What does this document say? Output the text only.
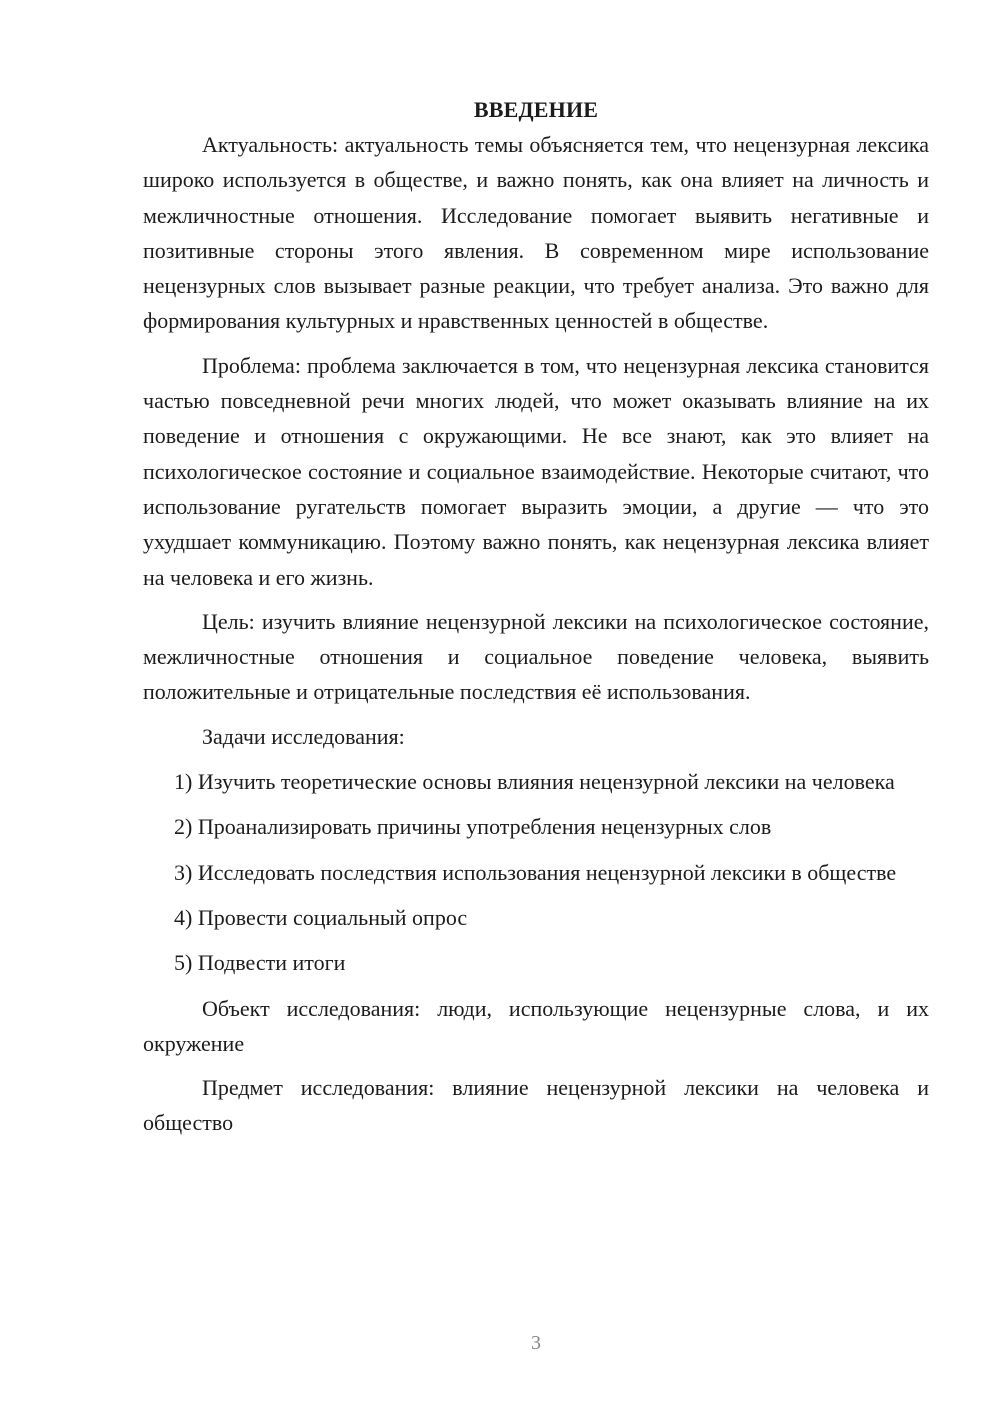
ВВЕДЕНИЕ

Актуальность: актуальность темы объясняется тем, что нецензурная лексика широко используется в обществе, и важно понять, как она влияет на личность и межличностные отношения. Исследование помогает выявить негативные и позитивные стороны этого явления. В современном мире использование нецензурных слов вызывает разные реакции, что требует анализа. Это важно для формирования культурных и нравственных ценностей в обществе.

Проблема: проблема заключается в том, что нецензурная лексика становится частью повседневной речи многих людей, что может оказывать влияние на их поведение и отношения с окружающими. Не все знают, как это влияет на психологическое состояние и социальное взаимодействие. Некоторые считают, что использование ругательств помогает выразить эмоции, а другие — что это ухудшает коммуникацию. Поэтому важно понять, как нецензурная лексика влияет на человека и его жизнь.

Цель: изучить влияние нецензурной лексики на психологическое состояние, межличностные отношения и социальное поведение человека, выявить положительные и отрицательные последствия её использования.

Задачи исследования:

1) Изучить теоретические основы влияния нецензурной лексики на человека

2) Проанализировать причины употребления нецензурных слов

3) Исследовать последствия использования нецензурной лексики в обществе

4) Провести социальный опрос

5) Подвести итоги

Объект исследования: люди, использующие нецензурные слова, и их окружение

Предмет исследования: влияние нецензурной лексики на человека и общество

3
